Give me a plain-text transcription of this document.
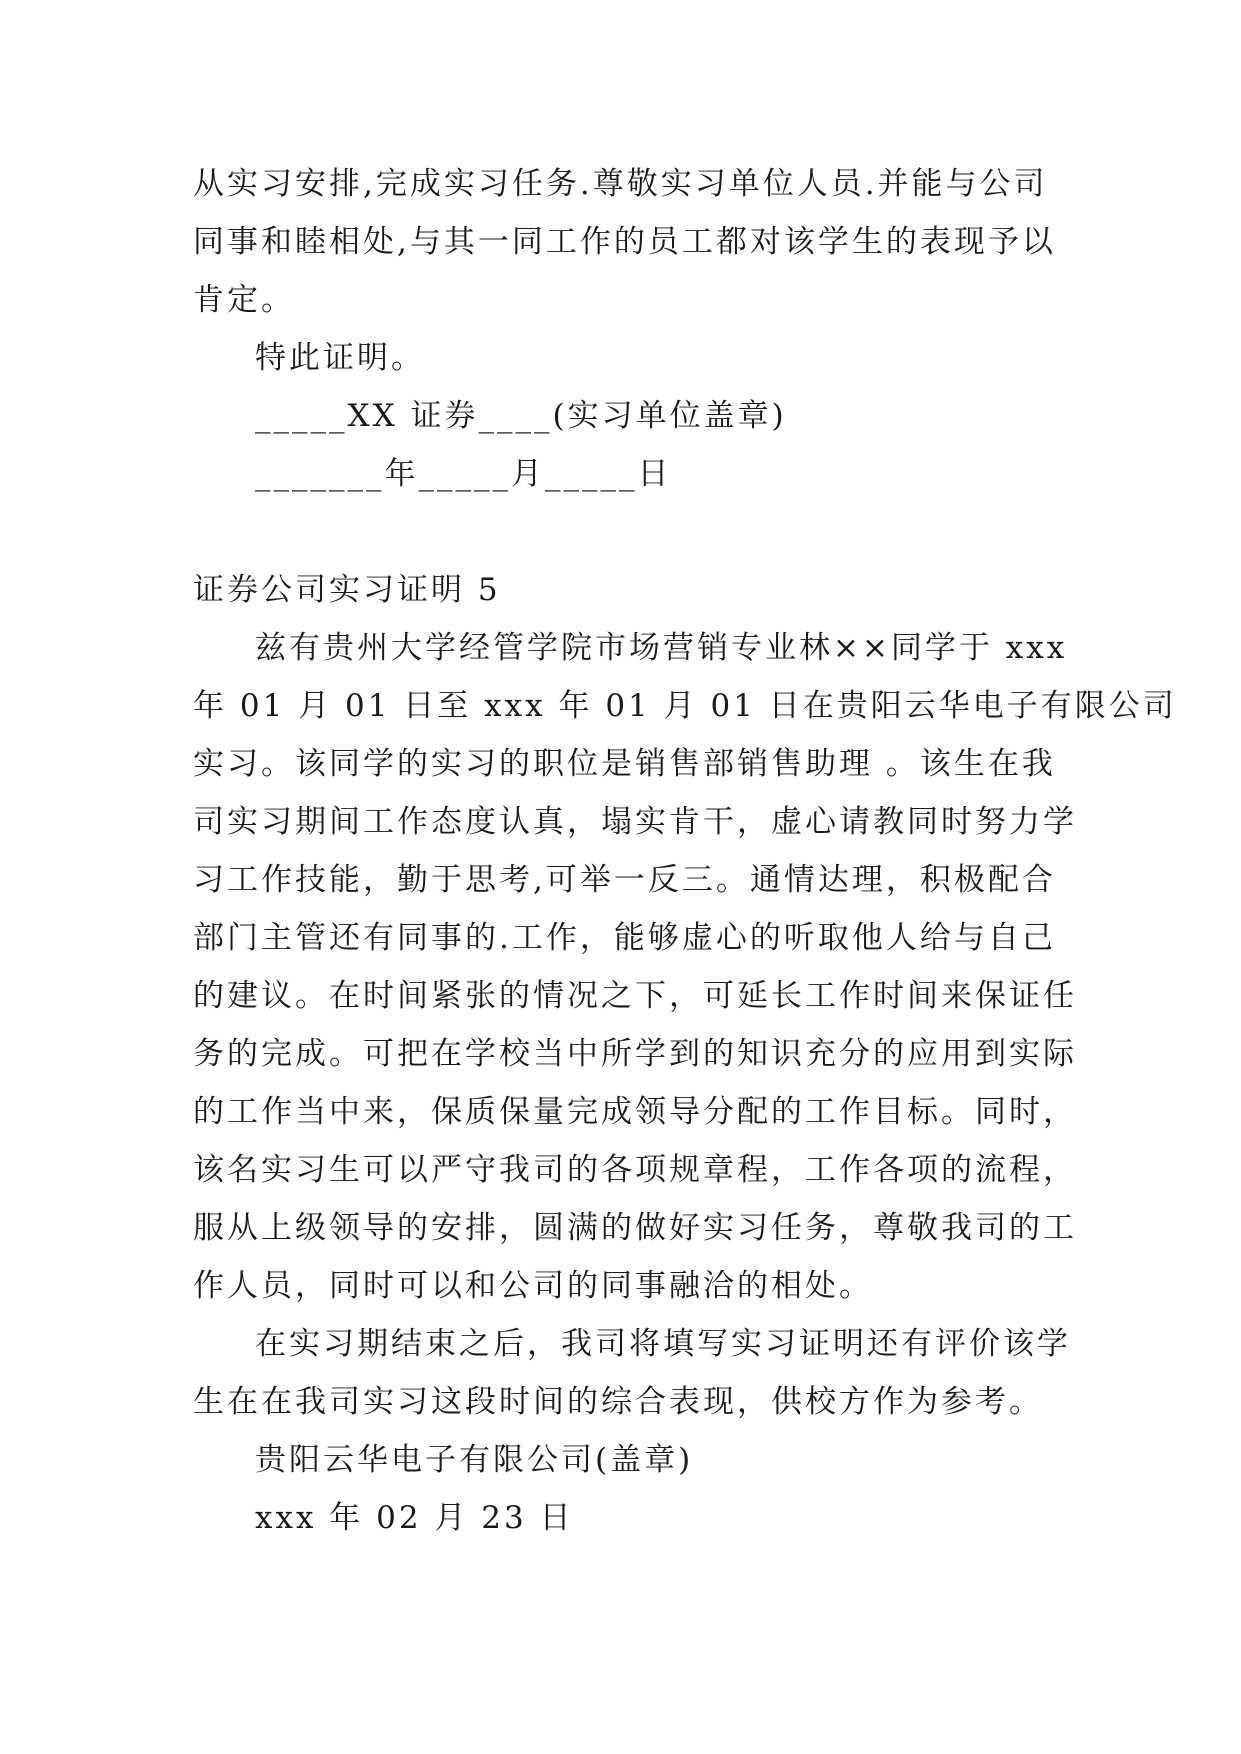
从实习安排,完成实习任务.尊敬实习单位人员.并能与公司
同事和睦相处,与其一同工作的员工都对该学生的表现予以
肯定。
特此证明。
_____XX 证券____(实习单位盖章)
_______年_____月_____日
证券公司实习证明 5
兹有贵州大学经管学院市场营销专业林××同学于 xxx
年 01 月 01 日至 xxx 年 01 月 01 日在贵阳云华电子有限公司
实习。该同学的实习的职位是销售部销售助理 。该生在我
司实习期间工作态度认真，塌实肯干，虚心请教同时努力学
习工作技能，勤于思考,可举一反三。通情达理，积极配合
部门主管还有同事的.工作，能够虚心的听取他人给与自己
的建议。在时间紧张的情况之下，可延长工作时间来保证任
务的完成。可把在学校当中所学到的知识充分的应用到实际
的工作当中来，保质保量完成领导分配的工作目标。同时，
该名实习生可以严守我司的各项规章程，工作各项的流程，
服从上级领导的安排，圆满的做好实习任务，尊敬我司的工
作人员，同时可以和公司的同事融洽的相处。
在实习期结束之后，我司将填写实习证明还有评价该学
生在在我司实习这段时间的综合表现，供校方作为参考。
贵阳云华电子有限公司(盖章)
xxx 年 02 月 23 日
